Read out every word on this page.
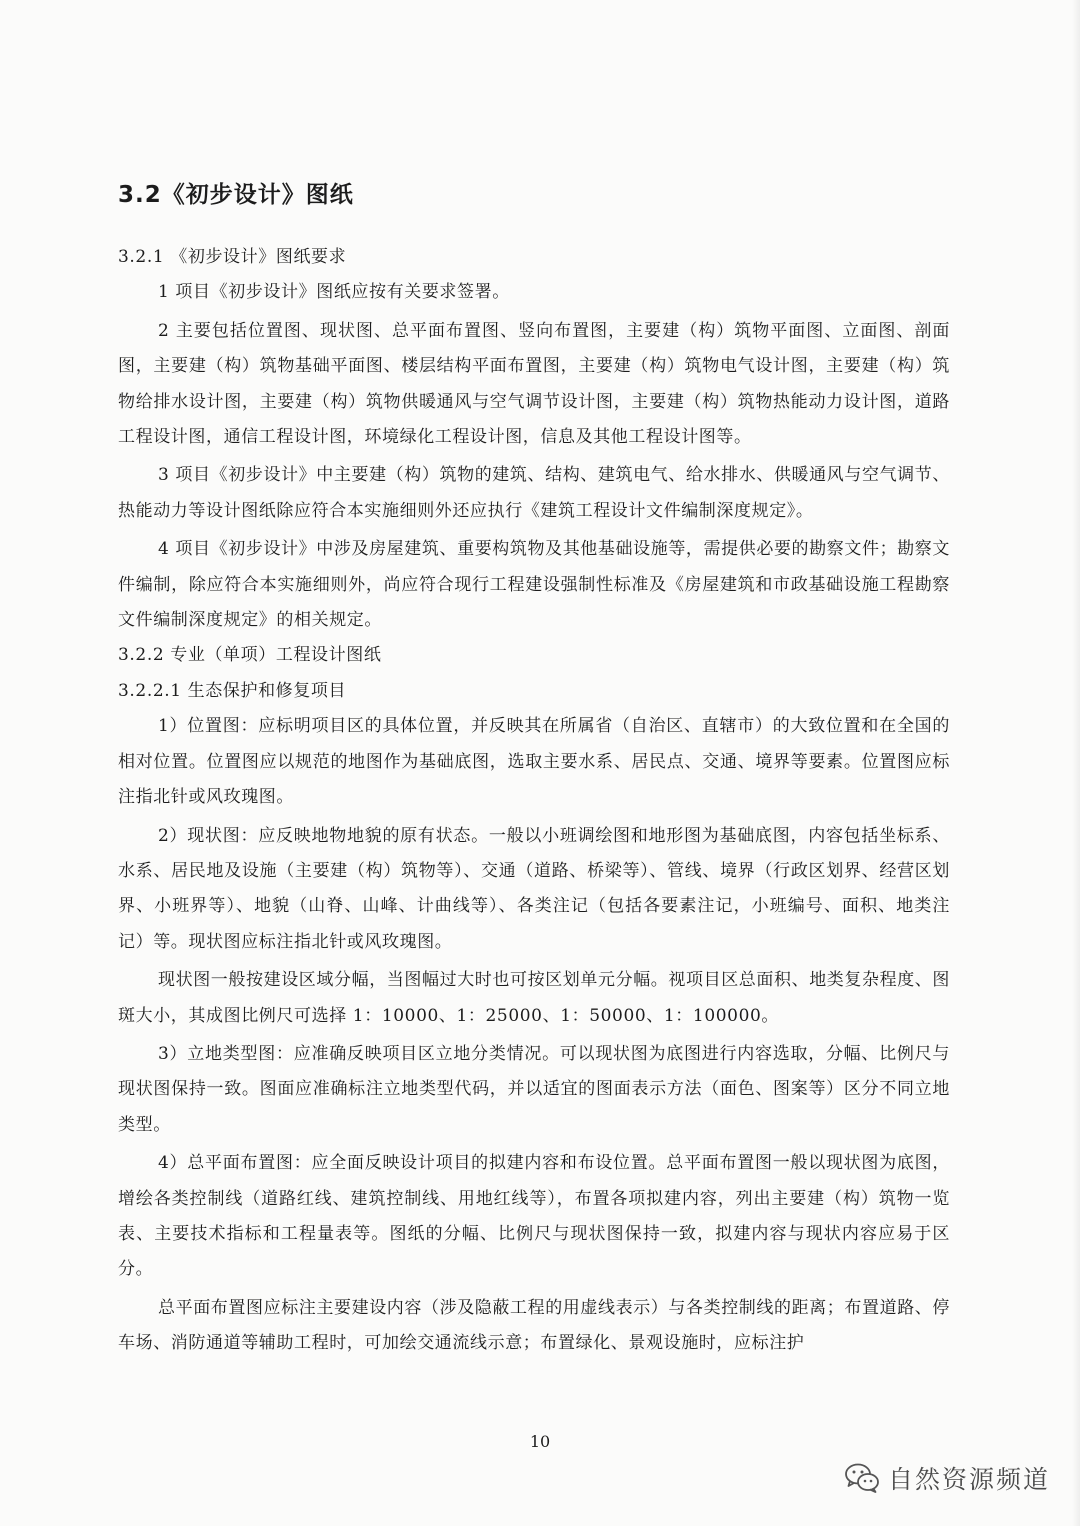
3.2《初步设计》图纸

3.2.1 《初步设计》图纸要求

1 项目《初步设计》图纸应按有关要求签署。

2 主要包括位置图、现状图、总平面布置图、竖向布置图，主要建（构）筑物平面图、立面图、剖面图，主要建（构）筑物基础平面图、楼层结构平面布置图，主要建（构）筑物电气设计图，主要建（构）筑物给排水设计图，主要建（构）筑物供暖通风与空气调节设计图，主要建（构）筑物热能动力设计图，道路工程设计图，通信工程设计图，环境绿化工程设计图，信息及其他工程设计图等。

3 项目《初步设计》中主要建（构）筑物的建筑、结构、建筑电气、给水排水、供暖通风与空气调节、热能动力等设计图纸除应符合本实施细则外还应执行《建筑工程设计文件编制深度规定》。

4 项目《初步设计》中涉及房屋建筑、重要构筑物及其他基础设施等，需提供必要的勘察文件；勘察文件编制，除应符合本实施细则外，尚应符合现行工程建设强制性标准及《房屋建筑和市政基础设施工程勘察文件编制深度规定》的相关规定。

3.2.2 专业（单项）工程设计图纸

3.2.2.1 生态保护和修复项目

1）位置图：应标明项目区的具体位置，并反映其在所属省（自治区、直辖市）的大致位置和在全国的相对位置。位置图应以规范的地图作为基础底图，选取主要水系、居民点、交通、境界等要素。位置图应标注指北针或风玫瑰图。

2）现状图：应反映地物地貌的原有状态。一般以小班调绘图和地形图为基础底图，内容包括坐标系、水系、居民地及设施（主要建（构）筑物等）、交通（道路、桥梁等）、管线、境界（行政区划界、经营区划界、小班界等）、地貌（山脊、山峰、计曲线等）、各类注记（包括各要素注记，小班编号、面积、地类注记）等。现状图应标注指北针或风玫瑰图。

现状图一般按建设区域分幅，当图幅过大时也可按区划单元分幅。视项目区总面积、地类复杂程度、图斑大小，其成图比例尺可选择 1：10000、1：25000、1：50000、1：100000。

3）立地类型图：应准确反映项目区立地分类情况。可以现状图为底图进行内容选取，分幅、比例尺与现状图保持一致。图面应准确标注立地类型代码，并以适宜的图面表示方法（面色、图案等）区分不同立地类型。

4）总平面布置图：应全面反映设计项目的拟建内容和布设位置。总平面布置图一般以现状图为底图，增绘各类控制线（道路红线、建筑控制线、用地红线等），布置各项拟建内容，列出主要建（构）筑物一览表、主要技术指标和工程量表等。图纸的分幅、比例尺与现状图保持一致，拟建内容与现状内容应易于区分。

总平面布置图应标注主要建设内容（涉及隐蔽工程的用虚线表示）与各类控制线的距离；布置道路、停车场、消防通道等辅助工程时，可加绘交通流线示意；布置绿化、景观设施时，应标注护

10
自然资源频道
